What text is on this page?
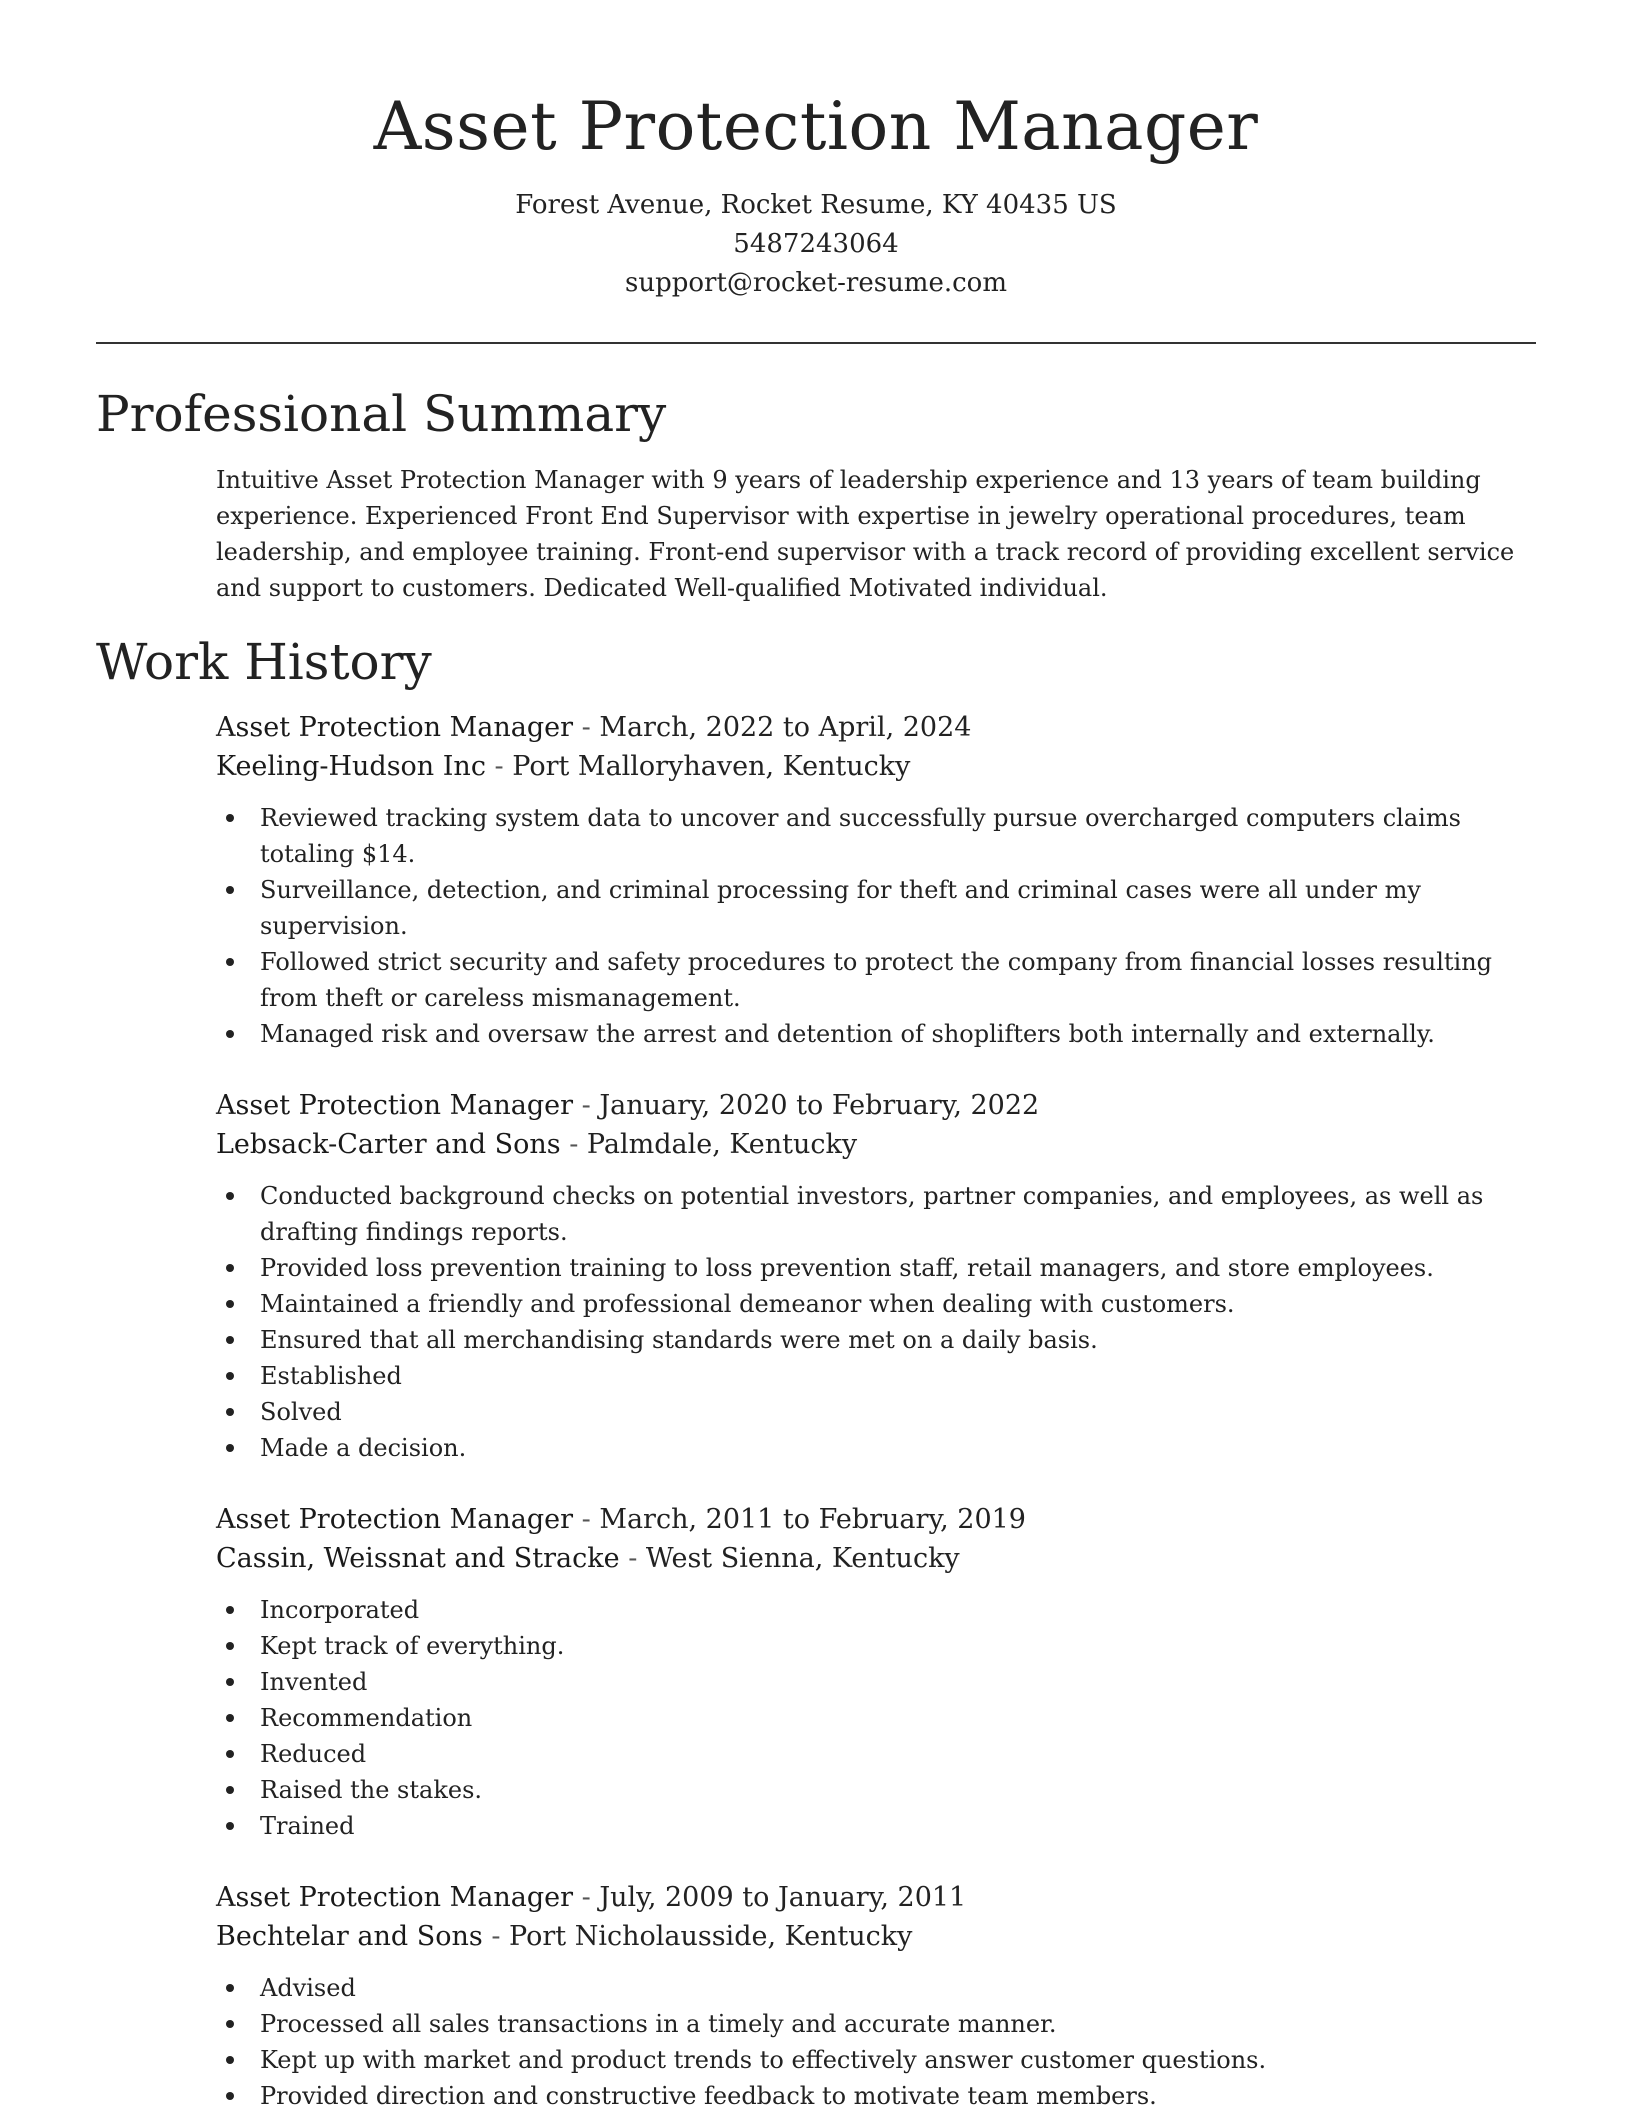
Asset Protection Manager
Forest Avenue, Rocket Resume, KY 40435 US
5487243064
support@rocket-resume.com
Professional Summary
Intuitive Asset Protection Manager with 9 years of leadership experience and 13 years of team building experience. Experienced Front End Supervisor with expertise in jewelry operational procedures, team leadership, and employee training. Front-end supervisor with a track record of providing excellent service and support to customers. Dedicated Well-qualified Motivated individual.
Work History
Asset Protection Manager - March, 2022 to April, 2024
Keeling-Hudson Inc - Port Malloryhaven, Kentucky
Reviewed tracking system data to uncover and successfully pursue overcharged computers claims totaling $14.
Surveillance, detection, and criminal processing for theft and criminal cases were all under my supervision.
Followed strict security and safety procedures to protect the company from financial losses resulting from theft or careless mismanagement.
Managed risk and oversaw the arrest and detention of shoplifters both internally and externally.
Asset Protection Manager - January, 2020 to February, 2022
Lebsack-Carter and Sons - Palmdale, Kentucky
Conducted background checks on potential investors, partner companies, and employees, as well as drafting findings reports.
Provided loss prevention training to loss prevention staff, retail managers, and store employees.
Maintained a friendly and professional demeanor when dealing with customers.
Ensured that all merchandising standards were met on a daily basis.
Established
Solved
Made a decision.
Asset Protection Manager - March, 2011 to February, 2019
Cassin, Weissnat and Stracke - West Sienna, Kentucky
Incorporated
Kept track of everything.
Invented
Recommendation
Reduced
Raised the stakes.
Trained
Asset Protection Manager - July, 2009 to January, 2011
Bechtelar and Sons - Port Nicholausside, Kentucky
Advised
Processed all sales transactions in a timely and accurate manner.
Kept up with market and product trends to effectively answer customer questions.
Provided direction and constructive feedback to motivate team members.
